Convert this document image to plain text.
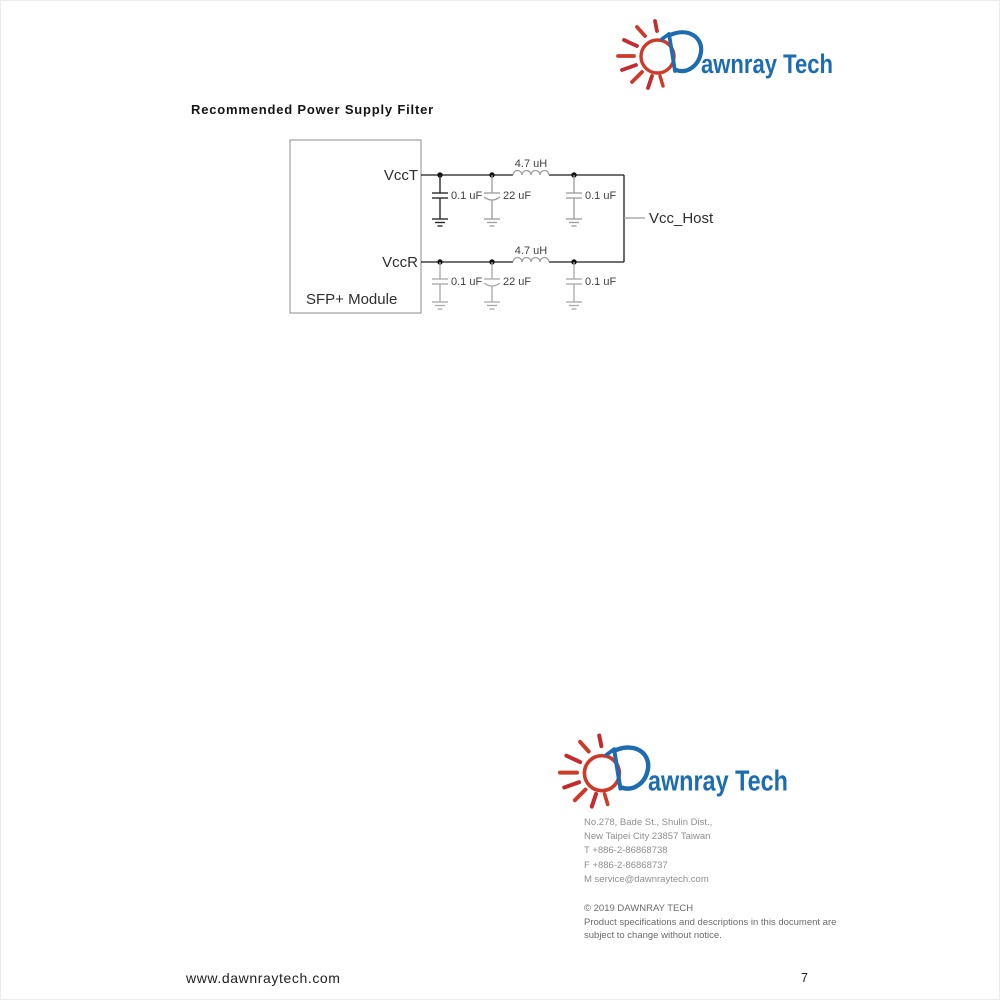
awnray Tech
Recommended Power Supply Filter
VccT
VccR
SFP+ Module
Vcc_Host
4.7 uH
4.7 uH
0.1 uF 22 uF	0.1 uF
0.1 uF 22 uF	0.1 uF
awnray Tech
No.278, Bade St., Shulin Dist.,
New Taipei City 23857 Taiwan
T +886-2-86868738
F +886-2-86868737
M service@dawnraytech.com
© 2019 DAWNRAY TECH
Product specifications and descriptions in this document are
subject to change without notice.
www.dawnraytech.com	7
